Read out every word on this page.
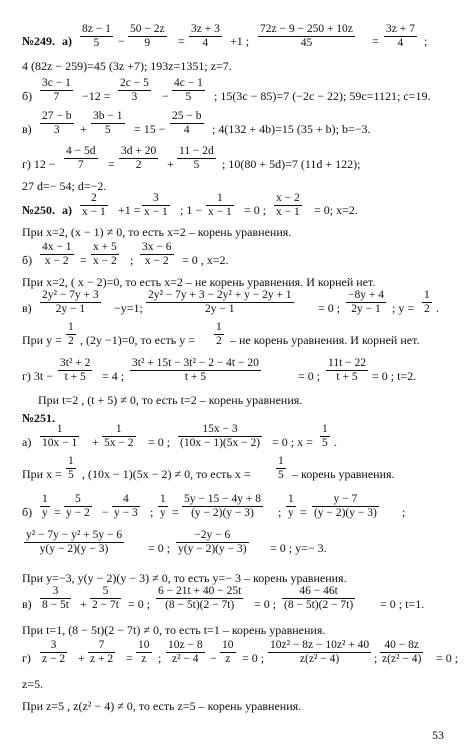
№249. а)
8z − 1
5 −
50 − 2z
9 =
3z + 3
4 +1 ;
72z − 9 − 250 + 10z
45	=
3z + 7
4 ;
4 (82z − 259)=45 (3z +7); 193z=1351; z=7.
б)
3c − 1
7 −12 =
2c − 5
3 −
4c − 1
5 ; 15(3c − 85)=7 (−2c − 22); 59c=1121; c=19.
в)
27 − b
3 +
3b − 1
5 = 15 −
25 − b
4 ; 4(132 + 4b)=15 (35 + b); b=−3.
г) 12 −
4 − 5d
7 =
3d + 20
2 +
11 − 2d
5 ; 10(80 + 5d)=7 (11d + 122);
27 d=− 54; d=−2.
№250. а)
2
x − 1 +1 =
3
x − 1 ; 1 −
1
x − 1 = 0 ;
x − 2
x − 1 = 0; x=2.
При x=2, (x − 1) ≠ 0, то есть x=2 – корень уравнения.
б)
4x − 1
x − 2 =
x + 5
x − 2 ;
3x − 6
x − 2 = 0 , x=2.
При x=2, ( x − 2)=0, то есть x=2 – не корень уравнения. И корней нет.
в)
2y² − 7y + 3
2y − 1 −y=1;
2y² − 7y + 3 − 2y² + y − 2y + 1
2y − 1	= 0 ;
−8y + 4
2y − 1 ; y =
1
2 .
При y =
1
2 , (2y −1)=0, то есть y =
1
2 – не корень уравнения. И корней нет.
г) 3t −
3t² + 2
t + 5 = 4 ;
3t² + 15t − 3t² − 2 − 4t − 20
t + 5	= 0 ;
11t − 22
t + 5 = 0 ; t=2.
При t=2 , (t + 5) ≠ 0, то есть t=2 – корень уравнения.
№251.
а)
1
10x − 1 +
1
5x − 2 = 0 ;
15x − 3
(10x − 1)(5x − 2) = 0 ; x =
1
5 .
При x =
1
5 , (10x − 1)(5x − 2) ≠ 0, то есть x =
1
5 – корень уравнения.
б)
1
y =
5
y − 2 −
4
y − 3 ;
1
y =
5y − 15 − 4y + 8
(y − 2)(y − 3) ;
1
y =
y − 7
(y − 2)(y − 3) ;
y² − 7y − y² + 5y − 6
y(y − 2)(y − 3)	= 0 ;
−2y − 6
y(y − 2)(y − 3) = 0 ; y=− 3.
При y=−3, y(y − 2)(y − 3) ≠ 0, то есть y=− 3 – корень уравнения.
в)
3
8 − 5t +
5
2 − 7t = 0 ;
6 − 21t + 40 − 25t
(8 − 5t)(2 − 7t) = 0 ;
46 − 46t
(8 − 5t)(2 − 7t) = 0 ; t=1.
При t=1, (8 − 5t)(2 − 7t) ≠ 0, то есть t=1 – корень уравнения.
г)
3
z − 2 +
7
z + 2 =
10
z ;
10z − 8
z² − 4 −
10
z = 0 ;
10z² − 8z − 10z² + 40
z(z² − 4)	;
40 − 8z
z(z² − 4) = 0 ;
z=5.
При z=5 , z(z² − 4) ≠ 0, то есть z=5 – корень уравнения.
53
